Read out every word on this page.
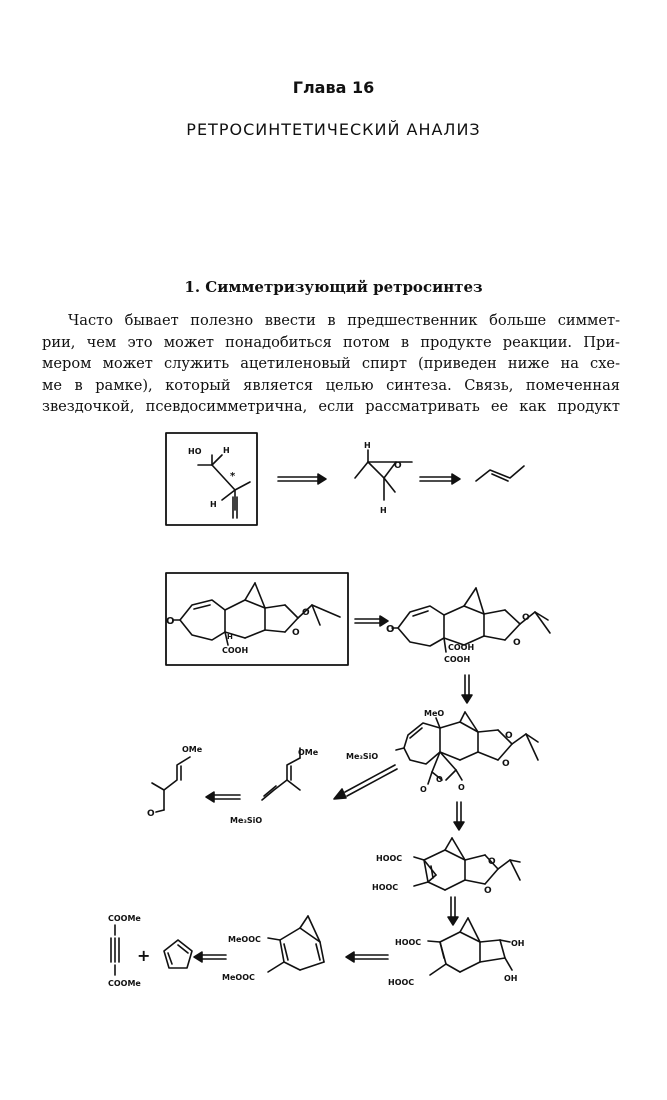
Глава 16
РЕТРОСИНТЕТИЧЕСКИЙ АНАЛИЗ
1. Симметризующий ретросинтез
Часто бывает полезно ввести в предшественник больше симмет-
рии, чем это может понадобиться потом в продукте реакции. При-
мером может служить ацетиленовый спирт (приведен ниже на схе-
ме в рамке), который является целью синтеза. Связь, помеченная
звездочкой, псевдосимметрична, если рассматривать ее как продукт
HO	H
*
H
H
O
H
O
O
O
H
COOH
O
O
O
COOH
COOH
MeO
Me₃SiO
O
O
O
O	O
OMe
Me₃SiO
OMe
O
HOOC
HOOC
O
O
HOOC
HOOC
OH
OH
MeOOC
MeOOC
+
COOMe
COOMe
